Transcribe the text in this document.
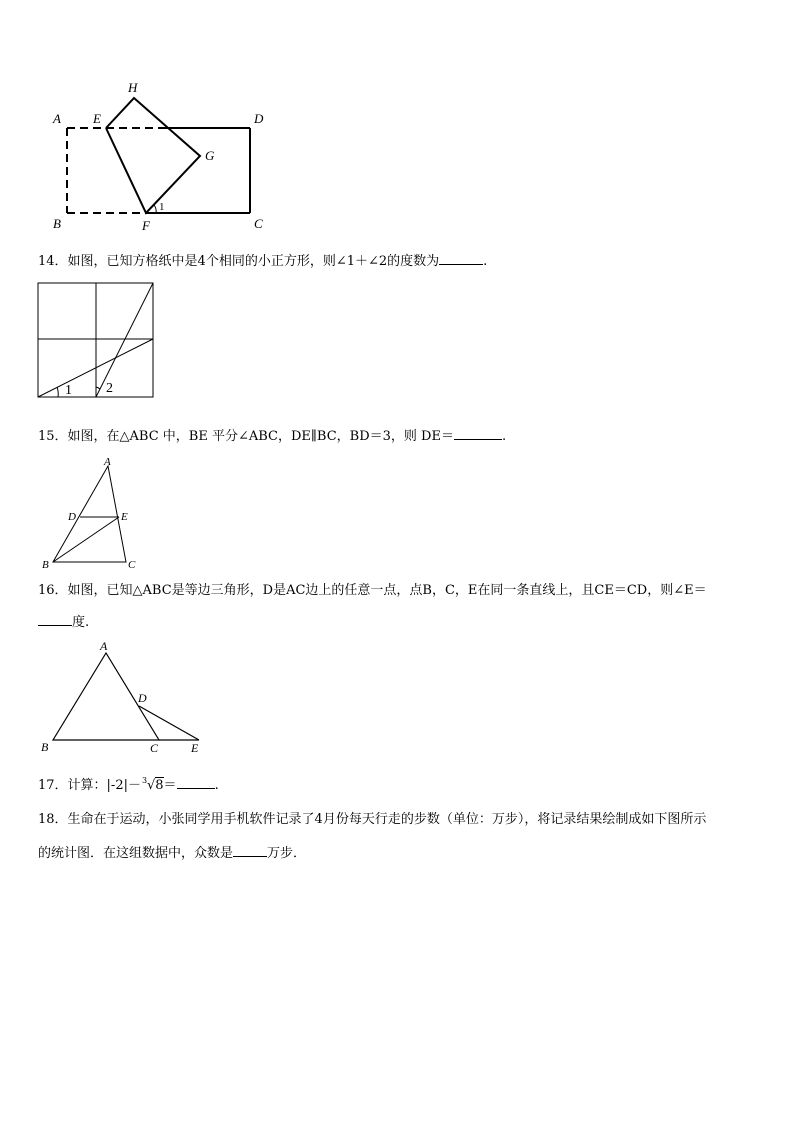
A E
H
D
G
B	F	C
1
14．如图，已知方格纸中是4个相同的小正方形，则∠1＋∠2的度数为	.
1 2
15．如图，在△ABC 中，BE 平分∠ABC，DE∥BC，BD＝3，则 DE＝	.
A
D	E
B	C
16．如图，已知△ABC是等边三角形，D是AC边上的任意一点，点B，C，E在同一条直线上，且CE＝CD，则∠E＝
度.
A
D
B	C	E
17．计算：|-2|－ 3 √8＝	.
18．生命在于运动，小张同学用手机软件记录了4月份每天行走的步数（单位：万步），将记录结果绘制成如下图所示
的统计图．在这组数据中，众数是	万步．
